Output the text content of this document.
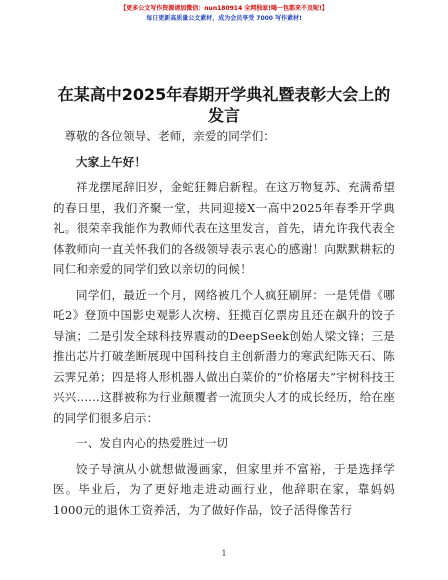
【更多公文写作资源请加微信：nun180914 全网独家!喝一包都来不及呢!】
每日更新高质量公文素材，成为会员享受 7000 写作素材!
在某高中2025年春期开学典礼暨表彰大会上的发言

尊敬的各位领导、老师，亲爱的同学们：

大家上午好！

祥龙摆尾辞旧岁，金蛇狂舞启新程。在这万物复苏、充满希望的春日里，我们齐聚一堂，共同迎接X一高中2025年春季开学典礼。很荣幸我能作为教师代表在这里发言，首先，请允许我代表全体教师向一直关怀我们的各级领导表示衷心的感谢！向默默耕耘的同仁和亲爱的同学们致以亲切的问候！

同学们，最近一个月，网络被几个人疯狂刷屏：一是凭借《哪吒2》登顶中国影史观影人次榜、狂揽百亿票房且还在飙升的饺子导演；二是引发全球科技界震动的DeepSeek创始人梁文锋；三是推出芯片打破垄断展现中国科技自主创新潜力的寒武纪陈天石、陈云霁兄弟；四是将人形机器人做出白菜价的“价格屠夫”宇树科技王兴兴……这群被称为行业颠覆者一流顶尖人才的成长经历，给在座的同学们很多启示：

一、发自内心的热爱胜过一切

饺子导演从小就想做漫画家，但家里并不富裕，于是选择学医。毕业后，为了更好地走进动画行业，他辞职在家，靠妈妈1000元的退休工资养活，为了做好作品，饺子活得像苦行

1
